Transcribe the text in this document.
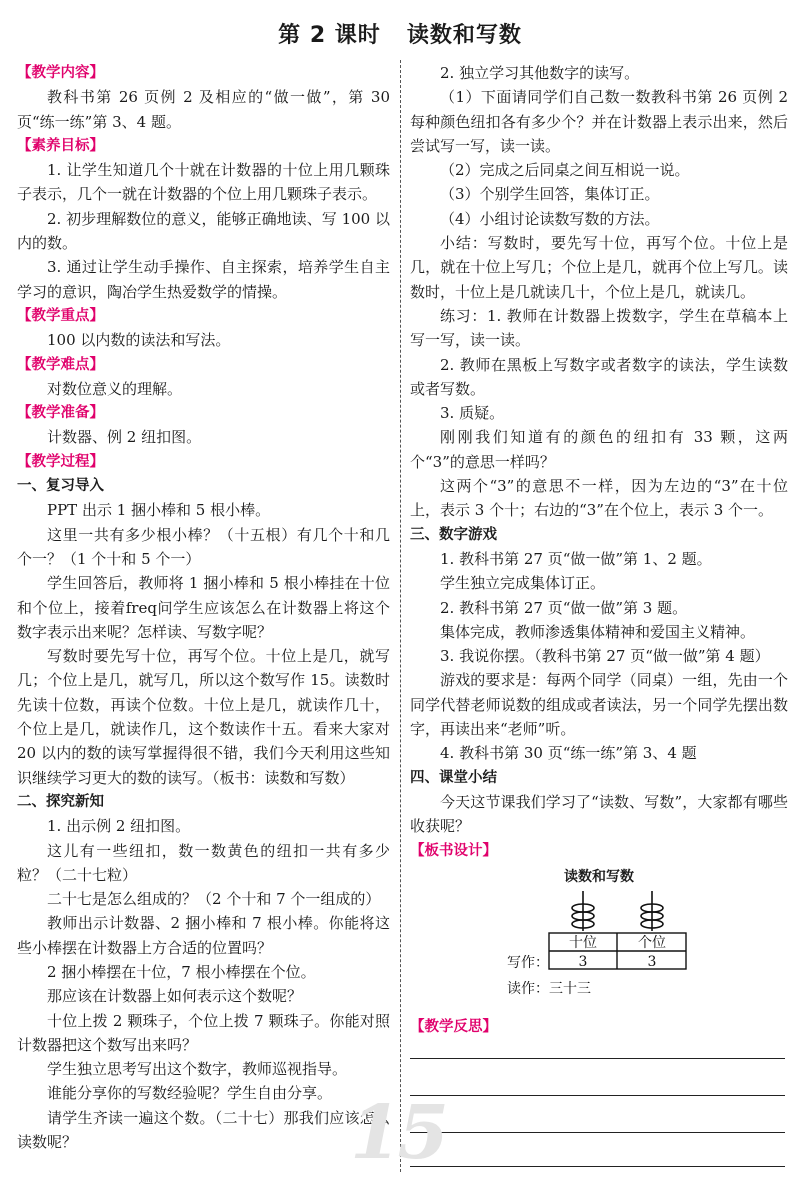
第 2 课时 读数和写数

【教学内容】

教科书第 26 页例 2 及相应的“做一做”，第 30 页“练一练”第 3、4 题。

【素养目标】

1. 让学生知道几个十就在计数器的十位上用几颗珠子表示，几个一就在计数器的个位上用几颗珠子表示。

2. 初步理解数位的意义，能够正确地读、写 100 以内的数。

3. 通过让学生动手操作、自主探索，培养学生自主学习的意识，陶冶学生热爱数学的情操。

【教学重点】

100 以内数的读法和写法。

【教学难点】

对数位意义的理解。

【教学准备】

计数器、例 2 纽扣图。

【教学过程】

一、复习导入

PPT 出示 1 捆小棒和 5 根小棒。

这里一共有多少根小棒？（十五根）有几个十和几个一？（1 个十和 5 个一）

学生回答后，教师将 1 捆小棒和 5 根小棒挂在十位和个位上，接着freq问学生应该怎么在计数器上将这个数字表示出来呢？怎样读、写数字呢？

写数时要先写十位，再写个位。十位上是几，就写几；个位上是几，就写几，所以这个数写作 15。读数时先读十位数，再读个位数。十位上是几，就读作几十，个位上是几，就读作几，这个数读作十五。看来大家对 20 以内的数的读写掌握得很不错，我们今天利用这些知识继续学习更大的数的读写。（板书：读数和写数）

二、探究新知

1. 出示例 2 纽扣图。

这儿有一些纽扣，数一数黄色的纽扣一共有多少粒？（二十七粒）

二十七是怎么组成的？（2 个十和 7 个一组成的）

教师出示计数器、2 捆小棒和 7 根小棒。你能将这些小棒摆在计数器上方合适的位置吗？

2 捆小棒摆在十位，7 根小棒摆在个位。

那应该在计数器上如何表示这个数呢？

十位上拨 2 颗珠子，个位上拨 7 颗珠子。你能对照计数器把这个数写出来吗？

学生独立思考写出这个数字，教师巡视指导。

谁能分享你的写数经验呢？学生自由分享。

请学生齐读一遍这个数。（二十七）那我们应该怎么读数呢？

2. 独立学习其他数字的读写。

（1）下面请同学们自己数一数教科书第 26 页例 2 每种颜色纽扣各有多少个？并在计数器上表示出来，然后尝试写一写，读一读。

（2）完成之后同桌之间互相说一说。

（3）个别学生回答，集体订正。

（4）小组讨论读数写数的方法。

小结：写数时，要先写十位，再写个位。十位上是几，就在十位上写几；个位上是几，就再个位上写几。读数时，十位上是几就读几十，个位上是几，就读几。

练习：1. 教师在计数器上拨数字，学生在草稿本上写一写，读一读。

2. 教师在黑板上写数字或者数字的读法，学生读数或者写数。

3. 质疑。

刚刚我们知道有的颜色的纽扣有 33 颗，这两个“3”的意思一样吗？

这两个“3”的意思不一样，因为左边的“3”在十位上，表示 3 个十；右边的“3”在个位上，表示 3 个一。

三、数字游戏

1. 教科书第 27 页“做一做”第 1、2 题。

学生独立完成集体订正。

2. 教科书第 27 页“做一做”第 3 题。

集体完成，教师渗透集体精神和爱国主义精神。

3. 我说你摆。（教科书第 27 页“做一做”第 4 题）

游戏的要求是：每两个同学（同桌）一组，先由一个同学代替老师说数的组成或者读法，另一个同学先摆出数字，再读出来“老师”听。

4. 教科书第 30 页“练一练”第 3、4 题

四、课堂小结

今天这节课我们学习了“读数、写数”，大家都有哪些收获呢？

【板书设计】

读数和写数
十位	个位
写作： 3	3
读作：三十三

【教学反思】

15
